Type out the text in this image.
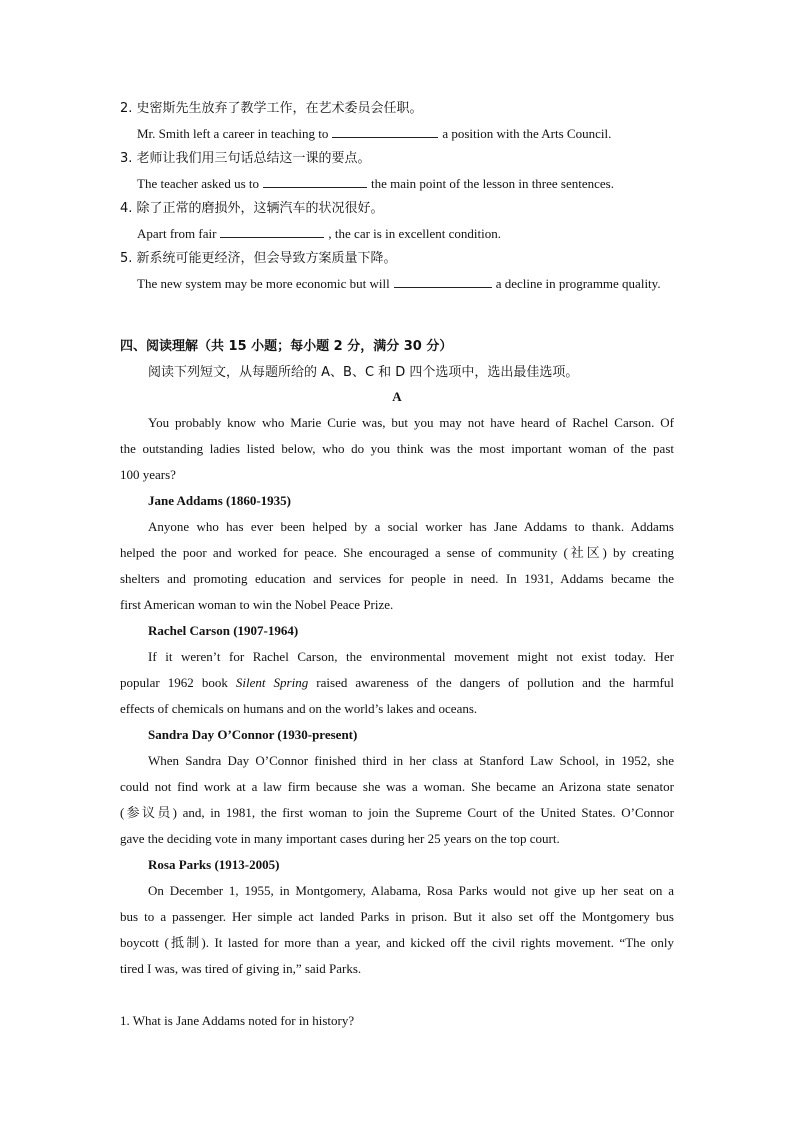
2. 史密斯先生放弃了教学工作，在艺术委员会任职。
Mr. Smith left a career in teaching to	a position with the Arts Council.
3. 老师让我们用三句话总结这一课的要点。
The teacher asked us to	the main point of the lesson in three sentences.
4. 除了正常的磨损外，这辆汽车的状况很好。
Apart from fair	, the car is in excellent condition.
5. 新系统可能更经济，但会导致方案质量下降。
The new system may be more economic but will	a decline in programme quality.
四、阅读理解（共 15 小题；每小题 2 分，满分 30 分）
阅读下列短文，从每题所给的 A、B、C 和 D 四个选项中，选出最佳选项。
A
You probably know who Marie Curie was, but you may not have heard of Rachel Carson. Of
the outstanding ladies listed below, who do you think was the most important woman of the past
100 years?
Jane Addams (1860-1935)
Anyone who has ever been helped by a social worker has Jane Addams to thank. Addams
helped the poor and worked for peace. She encouraged a sense of community (社区) by creating
shelters and promoting education and services for people in need. In 1931, Addams became the
first American woman to win the Nobel Peace Prize.
Rachel Carson (1907-1964)
If it weren’t for Rachel Carson, the environmental movement might not exist today. Her
popular 1962 book Silent Spring raised awareness of the dangers of pollution and the harmful
effects of chemicals on humans and on the world’s lakes and oceans.
Sandra Day O’Connor (1930-present)
When Sandra Day O’Connor finished third in her class at Stanford Law School, in 1952, she
could not find work at a law firm because she was a woman. She became an Arizona state senator
(参议员) and, in 1981, the first woman to join the Supreme Court of the United States. O’Connor
gave the deciding vote in many important cases during her 25 years on the top court.
Rosa Parks (1913-2005)
On December 1, 1955, in Montgomery, Alabama, Rosa Parks would not give up her seat on a
bus to a passenger. Her simple act landed Parks in prison. But it also set off the Montgomery bus
boycott (抵制). It lasted for more than a year, and kicked off the civil rights movement. “The only
tired I was, was tired of giving in,” said Parks.
1. What is Jane Addams noted for in history?
